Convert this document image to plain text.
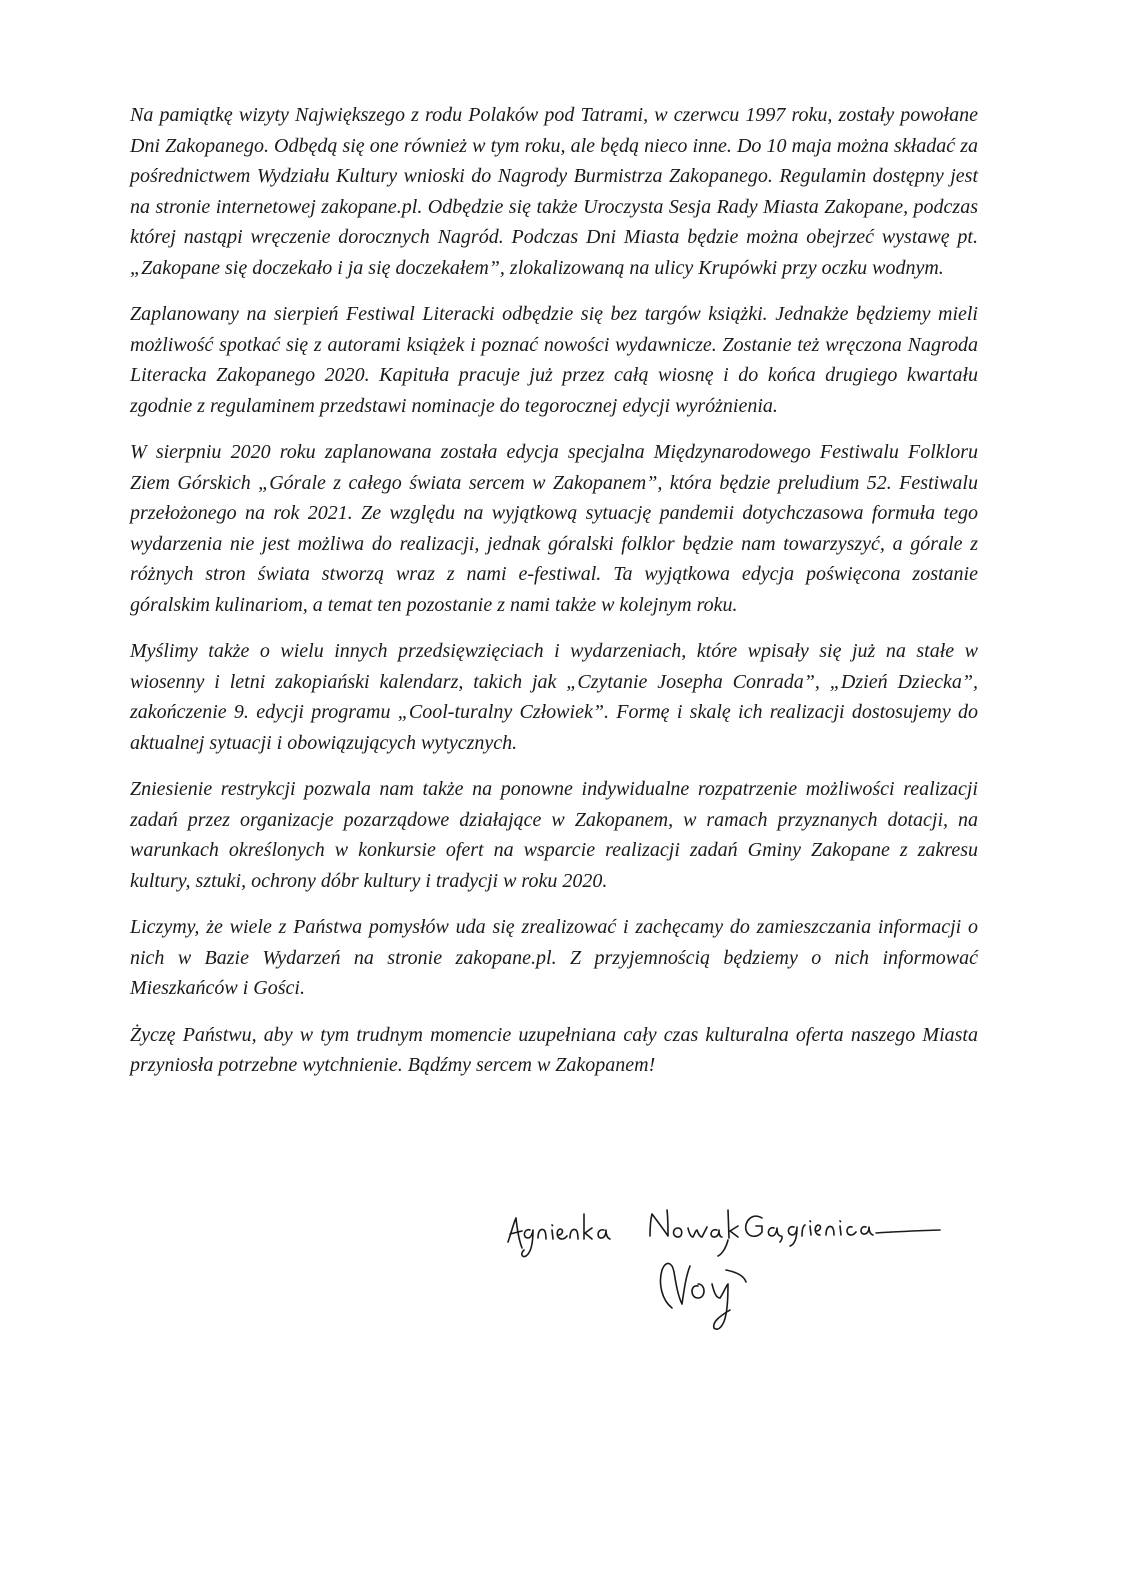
Na pamiątkę wizyty Największego z rodu Polaków pod Tatrami, w czerwcu 1997 roku, zostały powołane Dni Zakopanego. Odbędą się one również w tym roku, ale będą nieco inne. Do 10 maja można składać za pośrednictwem Wydziału Kultury wnioski do Nagrody Burmistrza Zakopanego. Regulamin dostępny jest na stronie internetowej zakopane.pl. Odbędzie się także Uroczysta Sesja Rady Miasta Zakopane, podczas której nastąpi wręczenie dorocznych Nagród. Podczas Dni Miasta będzie można obejrzeć wystawę pt. „Zakopane się doczekało i ja się doczekałem”, zlokalizowaną na ulicy Krupówki przy oczku wodnym.

Zaplanowany na sierpień Festiwal Literacki odbędzie się bez targów książki. Jednakże będziemy mieli możliwość spotkać się z autorami książek i poznać nowości wydawnicze. Zostanie też wręczona Nagroda Literacka Zakopanego 2020. Kapituła pracuje już przez całą wiosnę i do końca drugiego kwartału zgodnie z regulaminem przedstawi nominacje do tegorocznej edycji wyróżnienia.

W sierpniu 2020 roku zaplanowana została edycja specjalna Międzynarodowego Festiwalu Folkloru Ziem Górskich „Górale z całego świata sercem w Zakopanem”, która będzie preludium 52. Festiwalu przełożonego na rok 2021. Ze względu na wyjątkową sytuację pandemii dotychczasowa formuła tego wydarzenia nie jest możliwa do realizacji, jednak góralski folklor będzie nam towarzyszyć, a górale z różnych stron świata stworzą wraz z nami e-festiwal. Ta wyjątkowa edycja poświęcona zostanie góralskim kulinariom, a temat ten pozostanie z nami także w kolejnym roku.

Myślimy także o wielu innych przedsięwzięciach i wydarzeniach, które wpisały się już na stałe w wiosenny i letni zakopiański kalendarz, takich jak „Czytanie Josepha Conrada”, „Dzień Dziecka”, zakończenie 9. edycji programu „Cool-turalny Człowiek”. Formę i skalę ich realizacji dostosujemy do aktualnej sytuacji i obowiązujących wytycznych.

Zniesienie restrykcji pozwala nam także na ponowne indywidualne rozpatrzenie możliwości realizacji zadań przez organizacje pozarządowe działające w Zakopanem, w ramach przyznanych dotacji, na warunkach określonych w konkursie ofert na wsparcie realizacji zadań Gminy Zakopane z zakresu kultury, sztuki, ochrony dóbr kultury i tradycji w roku 2020.

Liczymy, że wiele z Państwa pomysłów uda się zrealizować i zachęcamy do zamieszczania informacji o nich w Bazie Wydarzeń na stronie zakopane.pl. Z przyjemnością będziemy o nich informować Mieszkańców i Gości.

Życzę Państwu, aby w tym trudnym momencie uzupełniana cały czas kulturalna oferta naszego Miasta przyniosła potrzebne wytchnienie. Bądźmy sercem w Zakopanem!
